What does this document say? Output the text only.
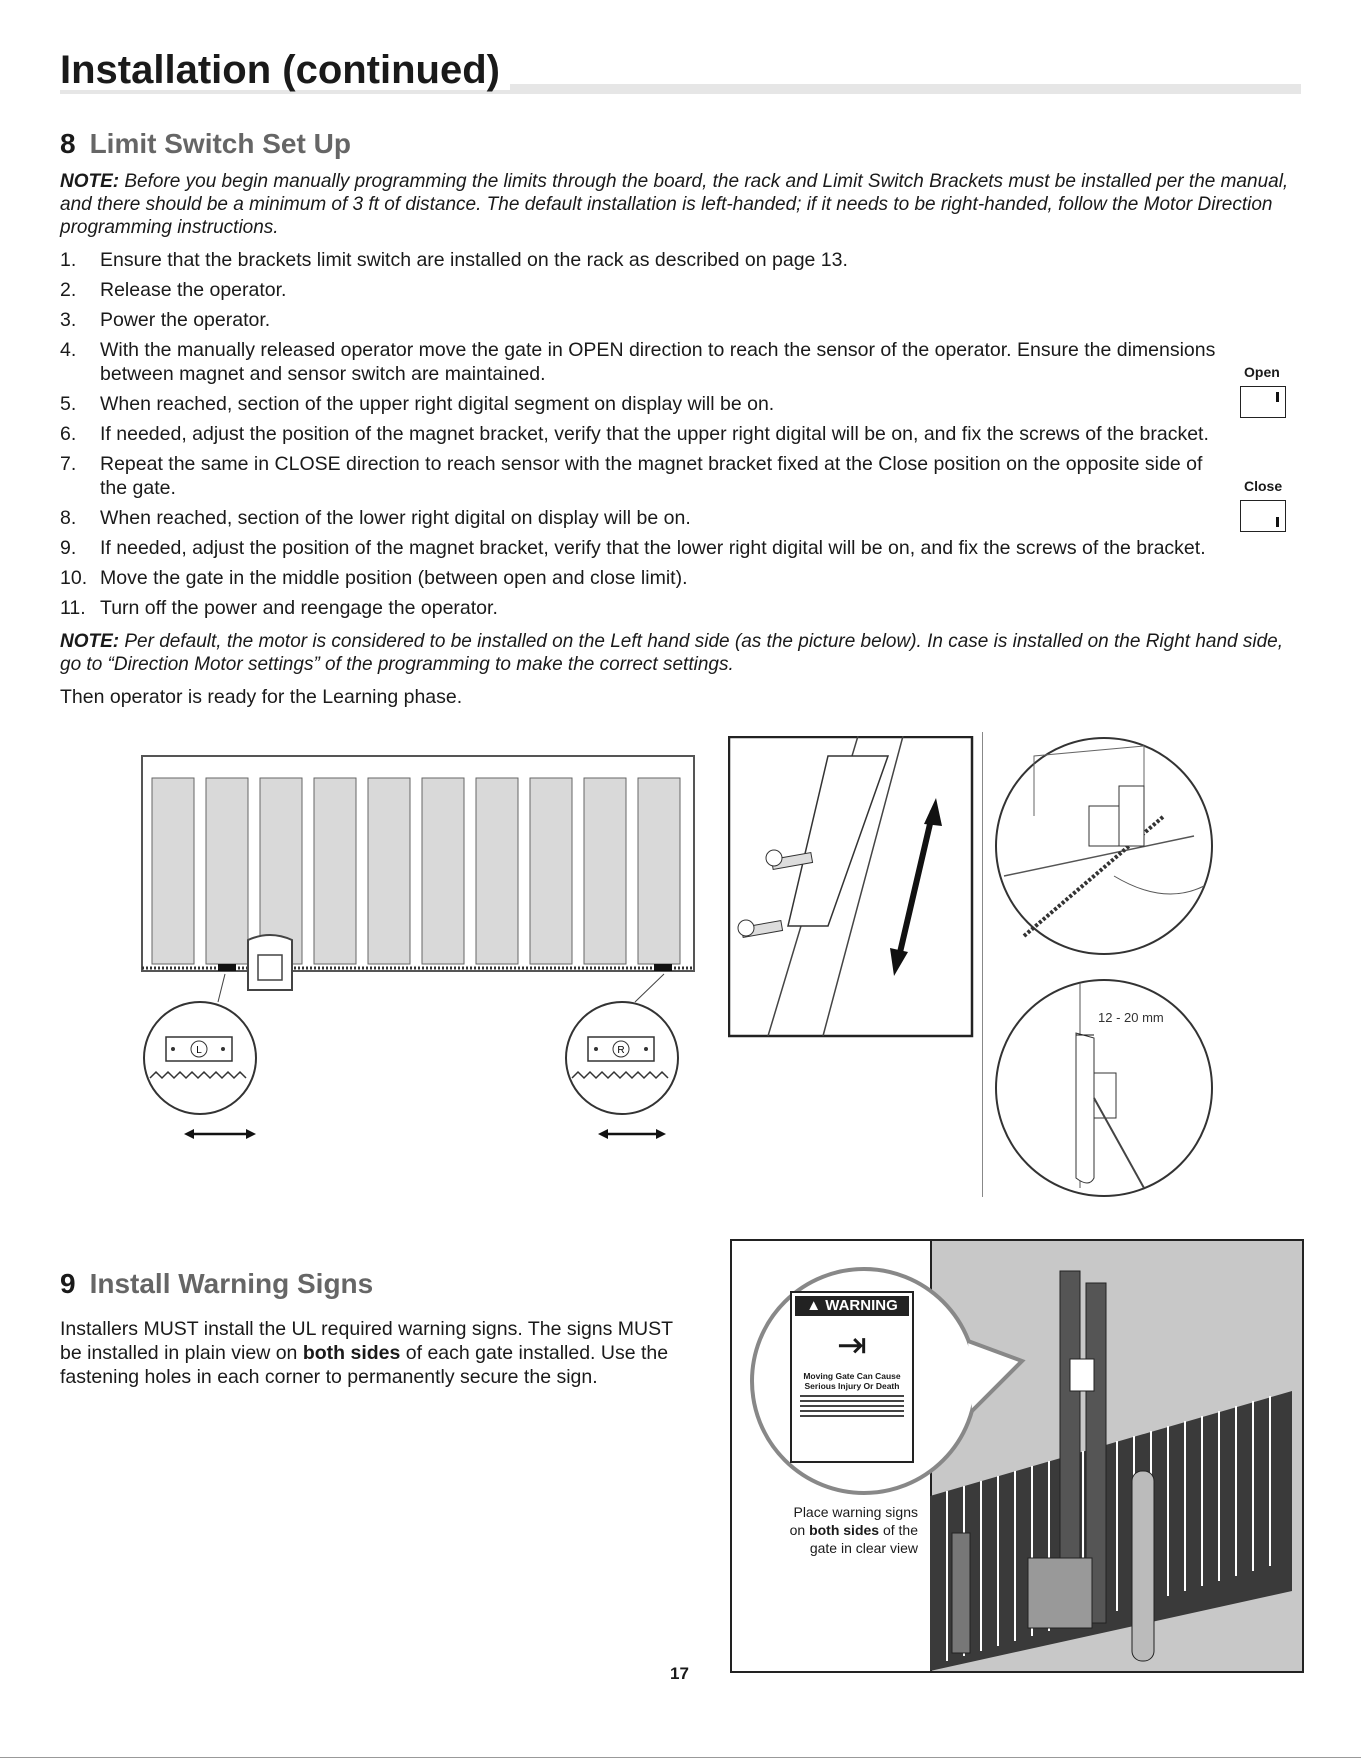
Installation (continued)
8 Limit Switch Set Up

NOTE: Before you begin manually programming the limits through the board, the rack and Limit Switch Brackets must be installed per the manual, and there should be a minimum of 3 ft of distance. The default installation is left-handed; if it needs to be right-handed, follow the Motor Direction programming instructions.

1.	Ensure that the brackets limit switch are installed on the rack as described on page 13.
2.	Release the operator.
3.	Power the operator.
4.	With the manually released operator move the gate in OPEN direction to reach the sensor of the operator. Ensure the dimensions between magnet and sensor switch are maintained.
5.	When reached, section of the upper right digital segment on display will be on.
6.	If needed, adjust the position of the magnet bracket, verify that the upper right digital will be on, and fix the screws of the bracket.
7.	Repeat the same in CLOSE direction to reach sensor with the magnet bracket fixed at the Close position on the opposite side of the gate.
8.	When reached, section of the lower right digital on display will be on.
9.	If needed, adjust the position of the magnet bracket, verify that the lower right digital will be on, and fix the screws of the bracket.
10. Move the gate in the middle position (between open and close limit).
11. Turn off the power and reengage the operator.
Open
Close

NOTE: Per default, the motor is considered to be installed on the Left hand side (as the picture below). In case is installed on the Right hand side, go to “Direction Motor settings” of the programming to make the correct settings.

Then operator is ready for the Learning phase.

L	R
12 - 20 mm
9 Install Warning Signs

Installers MUST install the UL required warning signs. The signs MUST be installed in plain view on both sides of each gate installed. Use the fastening holes in each corner to permanently secure the sign.

▲ WARNING
⇥
Moving Gate Can Cause
Serious Injury Or Death
Place warning signs
on both sides of the
gate in clear view
17
